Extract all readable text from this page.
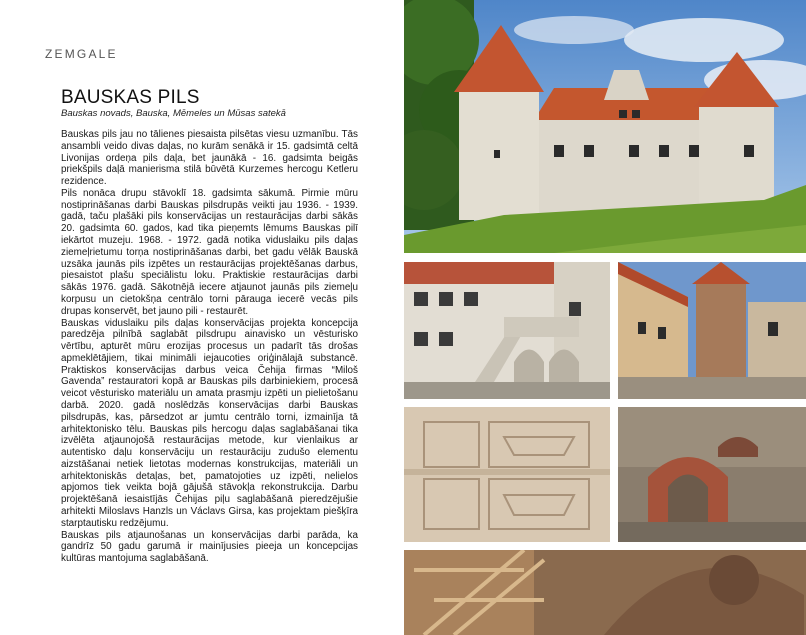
ZEMGALE
BAUSKAS PILS
Bauskas novads, Bauska, Mēmeles un Mūsas satekā

Bauskas pils jau no tālienes piesaista pilsētas viesu uzmanību. Tās ansambli veido divas daļas, no kurām senākā ir 15. gadsimtā celtā Livonijas ordeņa pils daļa, bet jaunākā - 16. gadsimta beigās priekšpils daļā manierisma stilā būvētā Kurzemes hercogu Ketleru rezidence.

Pils nonāca drupu stāvoklī 18. gadsimta sākumā. Pirmie mūru nostiprināšanas darbi Bauskas pilsdrupās veikti jau 1936. - 1939. gadā, taču plašāki pils konservācijas un restaurācijas darbi sākās 20. gadsimta 60. gados, kad tika pieņemts lēmums Bauskas pilī iekārtot muzeju. 1968. - 1972. gadā notika viduslaiku pils daļas ziemeļrietumu torņa nostiprināšanas darbi, bet gadu vēlāk Bauskā uzsāka jaunās pils izpētes un restaurācijas projektēšanas darbus, piesaistot plašu speciālistu loku. Praktiskie restaurācijas darbi sākās 1976. gadā. Sākotnējā iecere atjaunot jaunās pils ziemeļu korpusu un cietokšņa centrālo torni pārauga iecerē vecās pils drupas konservēt, bet jauno pili - restaurēt.

Bauskas viduslaiku pils daļas konservācijas projekta koncepcija paredzēja pilnībā saglabāt pilsdrupu ainavisko un vēsturisko vērtību, apturēt mūru erozijas procesus un padarīt tās drošas apmeklētājiem, tikai minimāli iejaucoties oriģinālajā substancē. Praktiskos konservācijas darbus veica Čehija firmas “Miloš Gavenda” restauratori kopā ar Bauskas pils darbiniekiem, procesā veicot vēsturisko materiālu un amata prasmju izpēti un pielietošanu darbā. 2020. gadā noslēdzās konservācijas darbi Bauskas pilsdrupās, kas, pārsedzot ar jumtu centrālo torni, izmainīja tā arhitektonisko tēlu. Bauskas pils hercogu daļas saglabāšanai tika izvēlēta atjaunojošā restaurācijas metode, kur vienlaikus ar autentisko daļu konservāciju un restaurāciju zudušo elementu aizstāšanai netiek lietotas modernas konstrukcijas, materiāli un arhitektoniskās detaļas, bet, pamatojoties uz izpēti, nelielos apjomos tiek veikta bojā gājušā stāvokļa rekonstrukcija. Darbu projektēšanā iesaistījās Čehijas piļu saglabāšanā pieredzējušie arhitekti Miloslavs Hanzls un Václavs Girsa, kas projektam piešķīra starptautisku redzējumu.

Bauskas pils atjaunošanas un konservācijas darbi parāda, ka gandrīz 50 gadu garumā ir mainījusies pieeja un koncepcijas kultūras mantojuma saglabāšanā.
